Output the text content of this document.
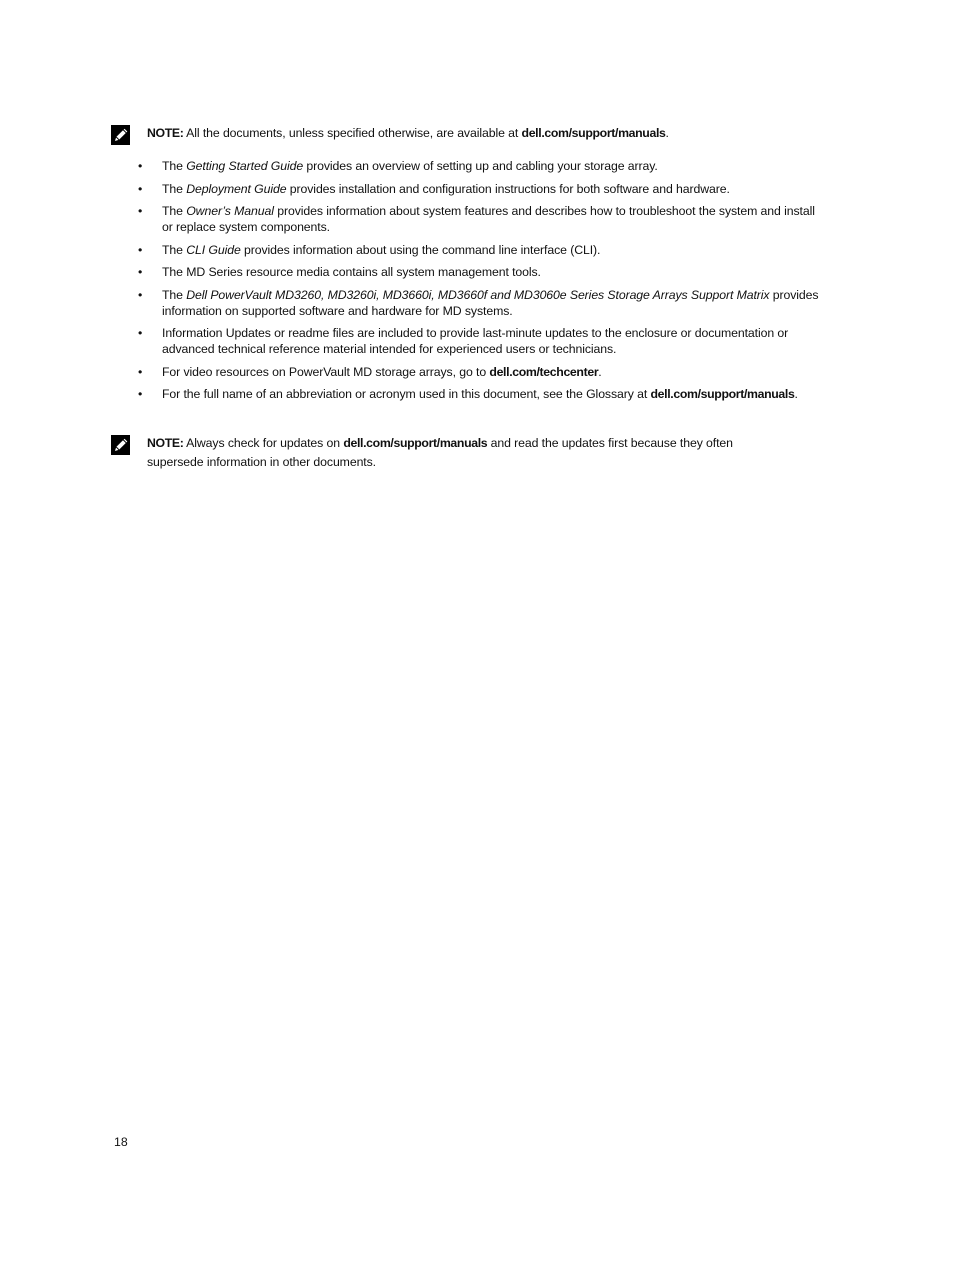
NOTE: All the documents, unless specified otherwise, are available at dell.com/support/manuals.
• The Getting Started Guide provides an overview of setting up and cabling your storage array.
• The Deployment Guide provides installation and configuration instructions for both software and hardware.
• The Owner’s Manual provides information about system features and describes how to troubleshoot the system and install or replace system components.
• The CLI Guide provides information about using the command line interface (CLI).
• The MD Series resource media contains all system management tools.
• The Dell PowerVault MD3260, MD3260i, MD3660i, MD3660f and MD3060e Series Storage Arrays Support Matrix provides information on supported software and hardware for MD systems.
• Information Updates or readme files are included to provide last-minute updates to the enclosure or documentation or advanced technical reference material intended for experienced users or technicians.
• For video resources on PowerVault MD storage arrays, go to dell.com/techcenter.
• For the full name of an abbreviation or acronym used in this document, see the Glossary at dell.com/support/manuals.
NOTE: Always check for updates on dell.com/support/manuals and read the updates first because they often supersede information in other documents.
18
